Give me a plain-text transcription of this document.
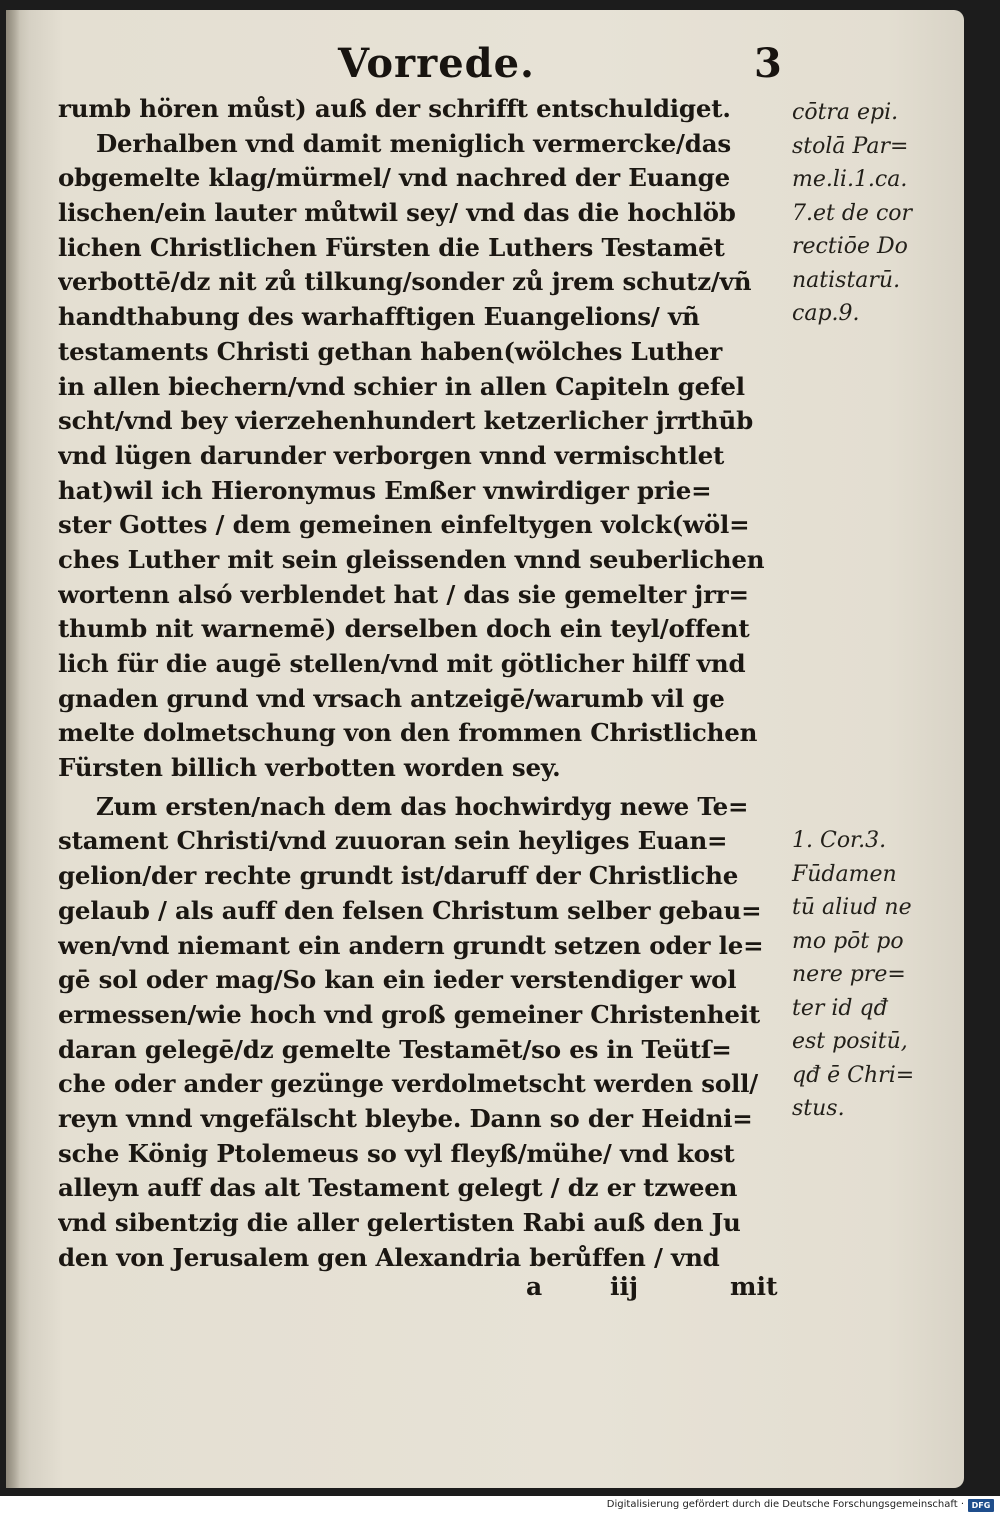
Vorrede.	3
rumb hören můst) auß der schrifft entschuldiget.
Derhalben vnd damit meniglich vermercke/das
obgemelte klag/mürmel/ vnd nachred der Euange
lischen/ein lauter můtwil sey/ vnd das die hochlöb
lichen Christlichen Fürsten die Luthers Testamēt
verbottē/dz nit zů tilkung/sonder zů jrem schutz/vñ
handthabung des warhafftigen Euangelions/ vñ
testaments Christi gethan haben(wölches Luther
in allen biechern/vnd schier in allen Capiteln gefel
scht/vnd bey vierzehenhundert ketzerlicher jrrthūb
vnd lügen darunder verborgen vnnd vermischtlet
hat)wil ich Hieronymus Emßer vnwirdiger prie=
ster Gottes / dem gemeinen einfeltygen volck(wöl=
ches Luther mit sein gleissenden vnnd seuberlichen
wortenn alsó verblendet hat / das sie gemelter jrr=
thumb nit warnemē) derselben doch ein teyl/offent
lich für die augē stellen/vnd mit götlicher hilff vnd
gnaden grund vnd vrsach antzeigē/warumb vil ge
melte dolmetschung von den frommen Christlichen
Fürsten billich verbotten worden sey.
Zum ersten/nach dem das hochwirdyg newe Te=
stament Christi/vnd zuuoran sein heyliges Euan=
gelion/der rechte grundt ist/daruff der Christliche
gelaub / als auff den felsen Christum selber gebau=
wen/vnd niemant ein andern grundt setzen oder le=
gē sol oder mag/So kan ein ieder verstendiger wol
ermessen/wie hoch vnd groß gemeiner Christenheit
daran gelegē/dz gemelte Testamēt/so es in Teütſ=
che oder ander gezünge verdolmetscht werden soll/
reyn vnnd vngefälscht bleybe. Dann so der Heidni=
sche König Ptolemeus so vyl fleyß/mühe/ vnd kost
alleyn auff das alt Testament gelegt / dz er tzween
vnd sibentzig die aller gelertisten Rabi auß den Ju
den von Jerusalem gen Alexandria berůffen / vnd
cōtra epi.
stolā Par=
me.li.1.ca.
7.et de cor
rectiōe Do
natistarū.
cap.9.
1. Cor.3.
Fūdamen
tū aliud ne
mo pōt po
nere pre=
ter id qđ
est positū,
qđ ē Chri=
stus.
a	iij	mit
Digitalisierung gefördert durch die Deutsche Forschungsgemeinschaft · DFG
